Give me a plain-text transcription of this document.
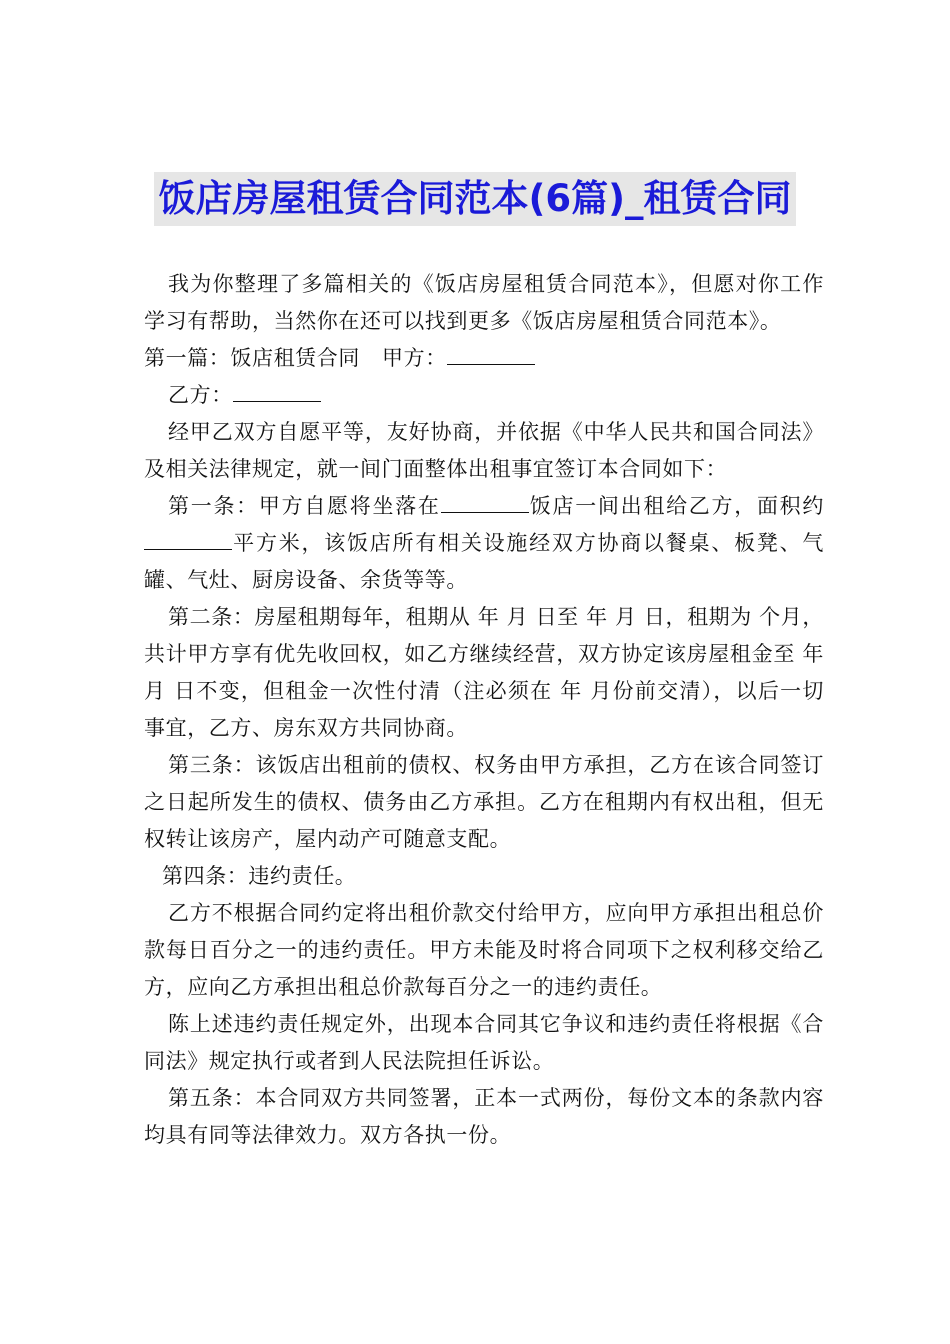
饭店房屋租赁合同范本(6篇)_租赁合同

我为你整理了多篇相关的《饭店房屋租赁合同范本》，但愿对你工作学习有帮助，当然你在还可以找到更多《饭店房屋租赁合同范本》。

第一篇：饭店租赁合同 甲方：

乙方：

经甲乙双方自愿平等，友好协商，并依据《中华人民共和国合同法》及相关法律规定，就一间门面整体出租事宜签订本合同如下：

第一条：甲方自愿将坐落在	饭店一间出租给乙方，面积约平方米，该饭店所有相关设施经双方协商以餐桌、板凳、气罐、气灶、厨房设备、余货等等。

第二条：房屋租期每年，租期从 年 月 日至 年 月 日，租期为 个月，共计甲方享有优先收回权，如乙方继续经营，双方协定该房屋租金至 年 月 日不变，但租金一次性付清（注必须在 年 月份前交清），以后一切事宜，乙方、房东双方共同协商。

第三条：该饭店出租前的债权、权务由甲方承担，乙方在该合同签订之日起所发生的债权、债务由乙方承担。乙方在租期内有权出租，但无权转让该房产，屋内动产可随意支配。

第四条：违约责任。

乙方不根据合同约定将出租价款交付给甲方，应向甲方承担出租总价款每日百分之一的违约责任。甲方未能及时将合同项下之权利移交给乙方，应向乙方承担出租总价款每百分之一的违约责任。

陈上述违约责任规定外，出现本合同其它争议和违约责任将根据《合同法》规定执行或者到人民法院担任诉讼。

第五条：本合同双方共同签署，正本一式两份，每份文本的条款内容均具有同等法律效力。双方各执一份。
